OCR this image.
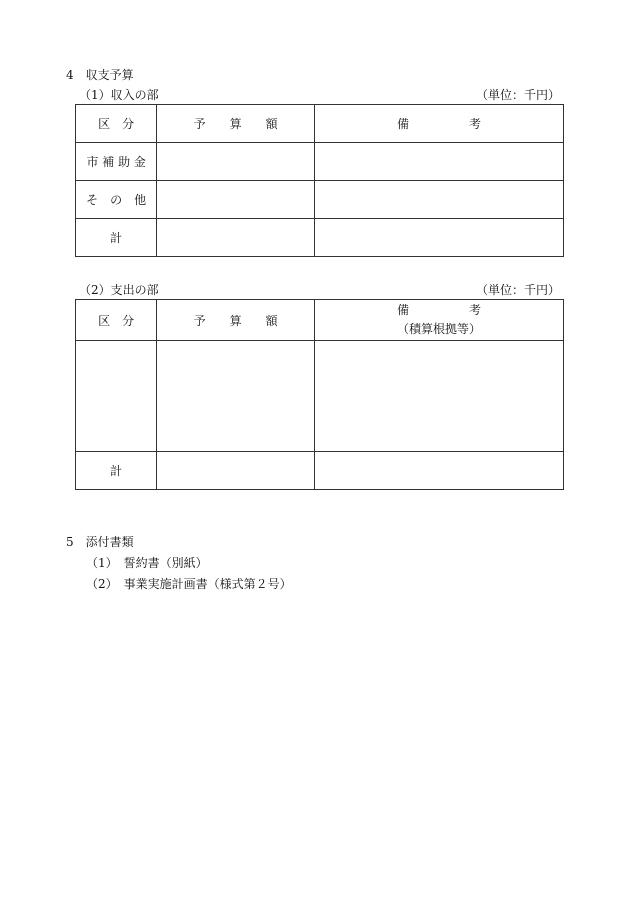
4　収支予算
（1）収入の部	（単位：千円）
区　分	予　　算　　額	備　　　　　考
市 補 助 金		
そ　の　他		
計		
（2）支出の部	（単位：千円）
区　分	予　　算　　額	備　　　　　考
（積算根拠等）

計		
5　添付書類
（1）　誓約書（別紙）
（2）　事業実施計画書（様式第２号）
